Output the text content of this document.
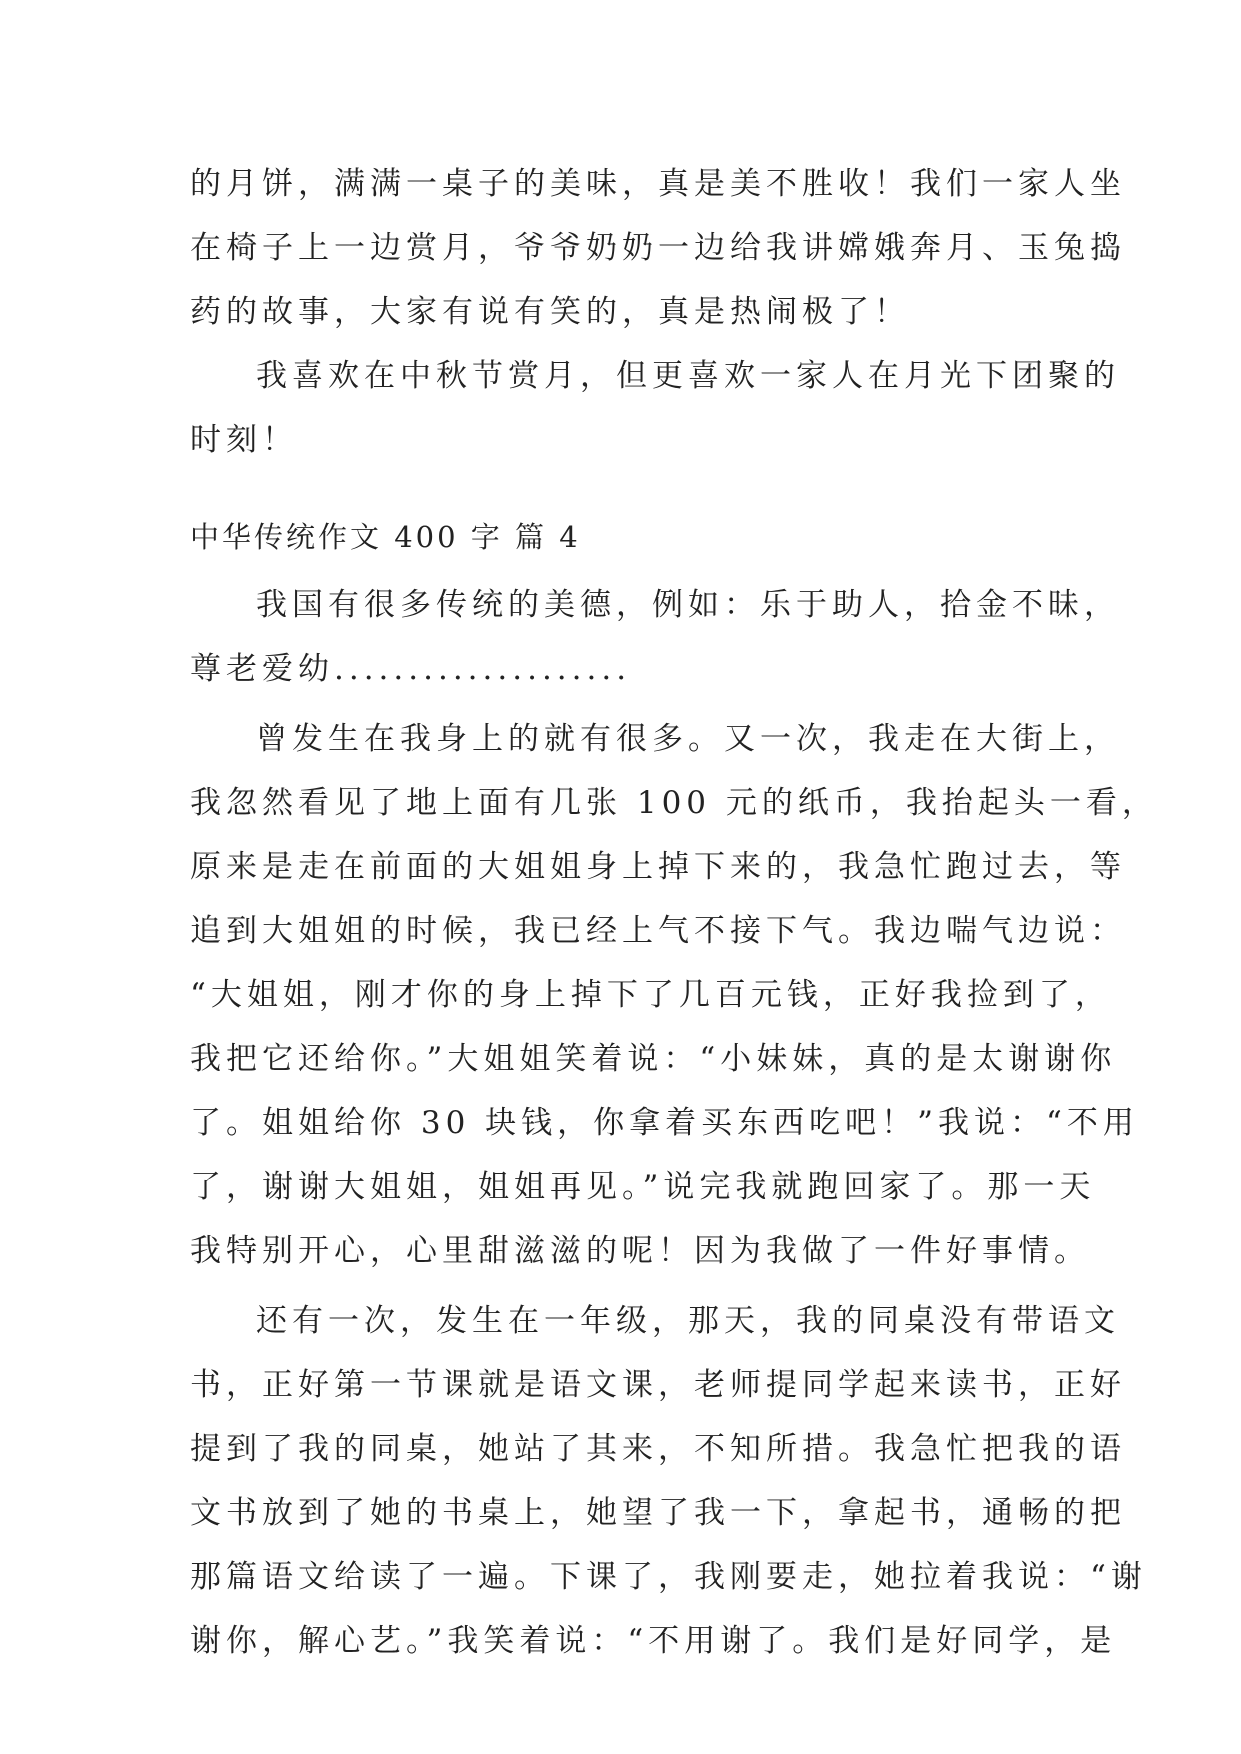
的月饼，满满一桌子的美味，真是美不胜收！我们一家人坐
在椅子上一边赏月，爷爷奶奶一边给我讲嫦娥奔月、玉兔捣
药的故事，大家有说有笑的，真是热闹极了！
我喜欢在中秋节赏月，但更喜欢一家人在月光下团聚的
时刻！
中华传统作文 400 字 篇 4
我国有很多传统的美德，例如：乐于助人，拾金不昧，
尊老爱幼....................
曾发生在我身上的就有很多。又一次，我走在大街上，
我忽然看见了地上面有几张 100 元的纸币，我抬起头一看，
原来是走在前面的大姐姐身上掉下来的，我急忙跑过去，等
追到大姐姐的时候，我已经上气不接下气。我边喘气边说：
“大姐姐，刚才你的身上掉下了几百元钱，正好我捡到了，
我把它还给你。”大姐姐笑着说：“小妹妹，真的是太谢谢你
了。姐姐给你 30 块钱，你拿着买东西吃吧！”我说：“不用
了，谢谢大姐姐，姐姐再见。”说完我就跑回家了。那一天
我特别开心，心里甜滋滋的呢！因为我做了一件好事情。
还有一次，发生在一年级，那天，我的同桌没有带语文
书，正好第一节课就是语文课，老师提同学起来读书，正好
提到了我的同桌，她站了其来，不知所措。我急忙把我的语
文书放到了她的书桌上，她望了我一下，拿起书，通畅的把
那篇语文给读了一遍。下课了，我刚要走，她拉着我说：“谢
谢你，解心艺。”我笑着说：“不用谢了。我们是好同学，是
